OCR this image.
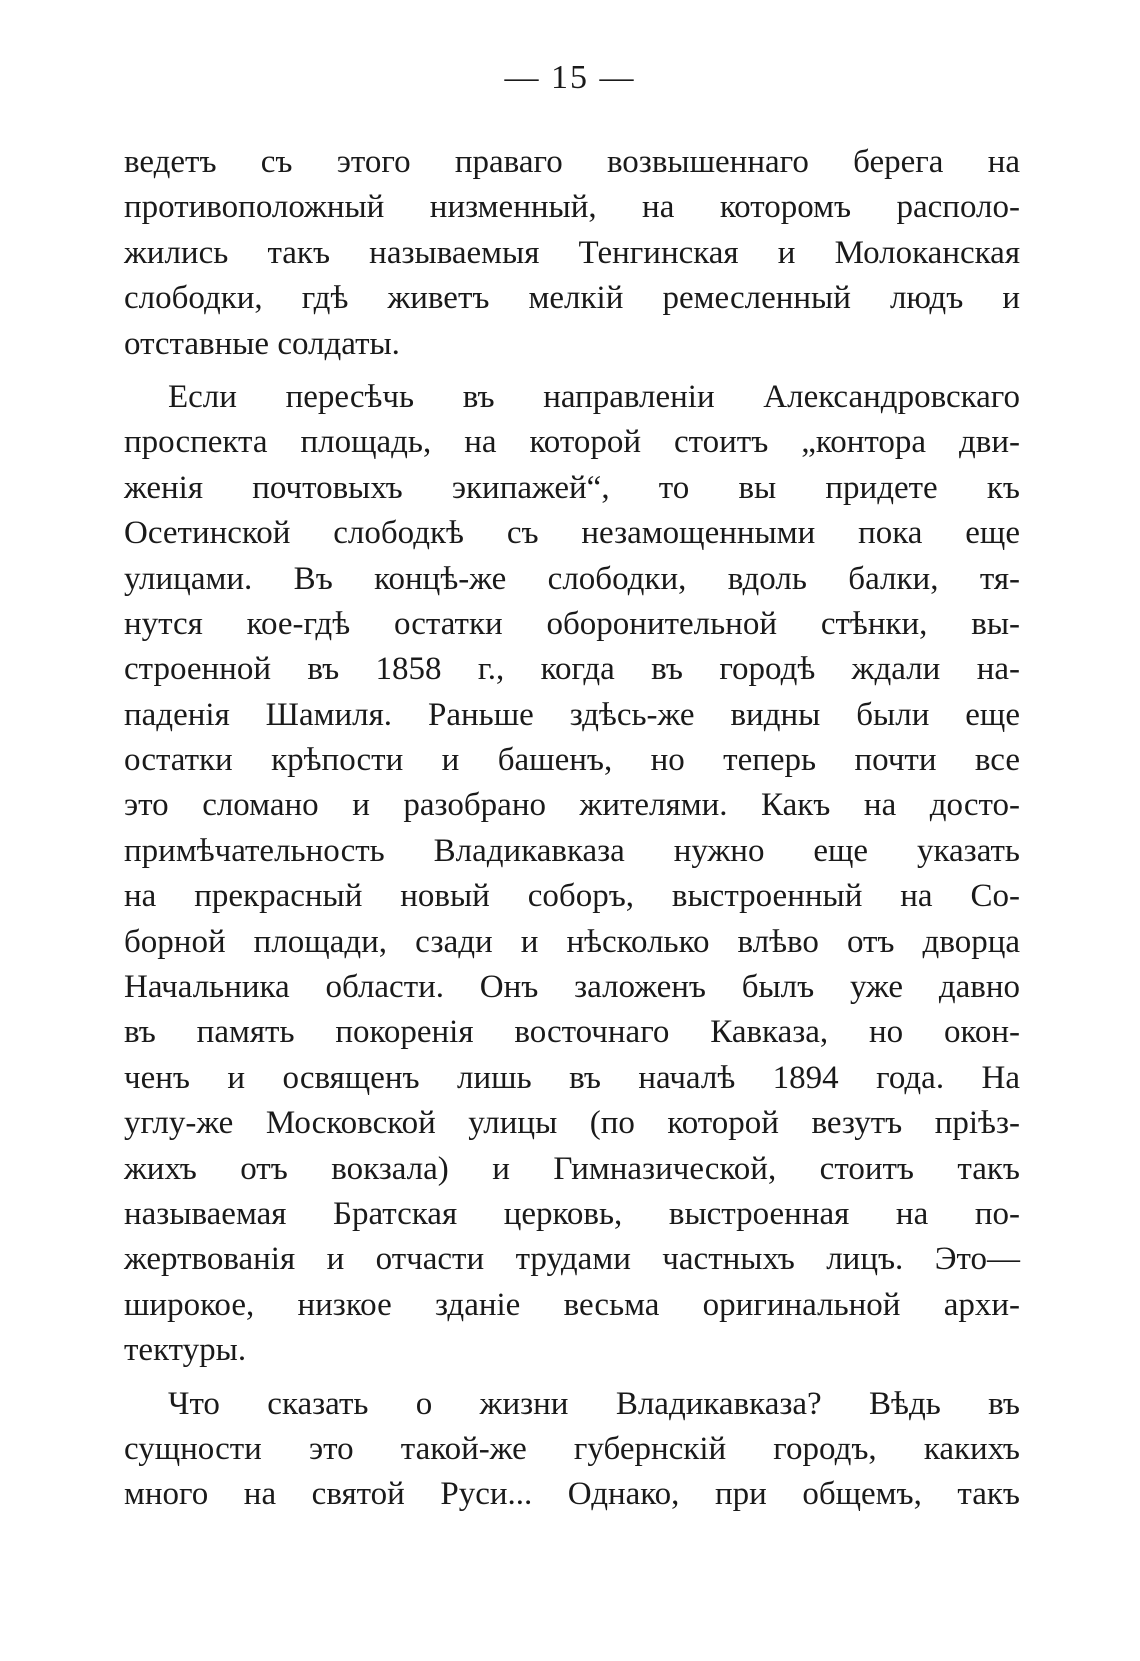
— 15 —
ведетъ съ этого праваго возвышеннаго берега на
противоположный низменный, на которомъ располо-
жились такъ называемыя Тенгинская и Молоканская
слободки, гдѣ живетъ мелкій ремесленный людъ и
отставные солдаты.
Если пересѣчь въ направленіи Александровскаго
проспекта площадь, на которой стоитъ „контора дви-
женія почтовыхъ экипажей“, то вы придете къ
Осетинской слободкѣ съ незамощенными пока еще
улицами. Въ концѣ-же слободки, вдоль балки, тя-
нутся кое-гдѣ остатки оборонительной стѣнки, вы-
строенной въ 1858 г., когда въ городѣ ждали на-
паденія Шамиля. Раньше здѣсь-же видны были еще
остатки крѣпости и башенъ, но теперь почти все
это сломано и разобрано жителями. Какъ на досто-
примѣчательность Владикавказа нужно еще указать
на прекрасный новый соборъ, выстроенный на Со-
борной площади, сзади и нѣсколько влѣво отъ дворца
Начальника области. Онъ заложенъ былъ уже давно
въ память покоренія восточнаго Кавказа, но окон-
ченъ и освященъ лишь въ началѣ 1894 года. На
углу-же Московской улицы (по которой везутъ пріѣз-
жихъ отъ вокзала) и Гимназической, стоитъ такъ
называемая Братская церковь, выстроенная на по-
жертвованія и отчасти трудами частныхъ лицъ. Это—
широкое, низкое зданіе весьма оригинальной архи-
тектуры.
Что сказать о жизни Владикавказа? Вѣдь въ
сущности это такой-же губернскій городъ, какихъ
много на святой Руси... Однако, при общемъ, такъ
